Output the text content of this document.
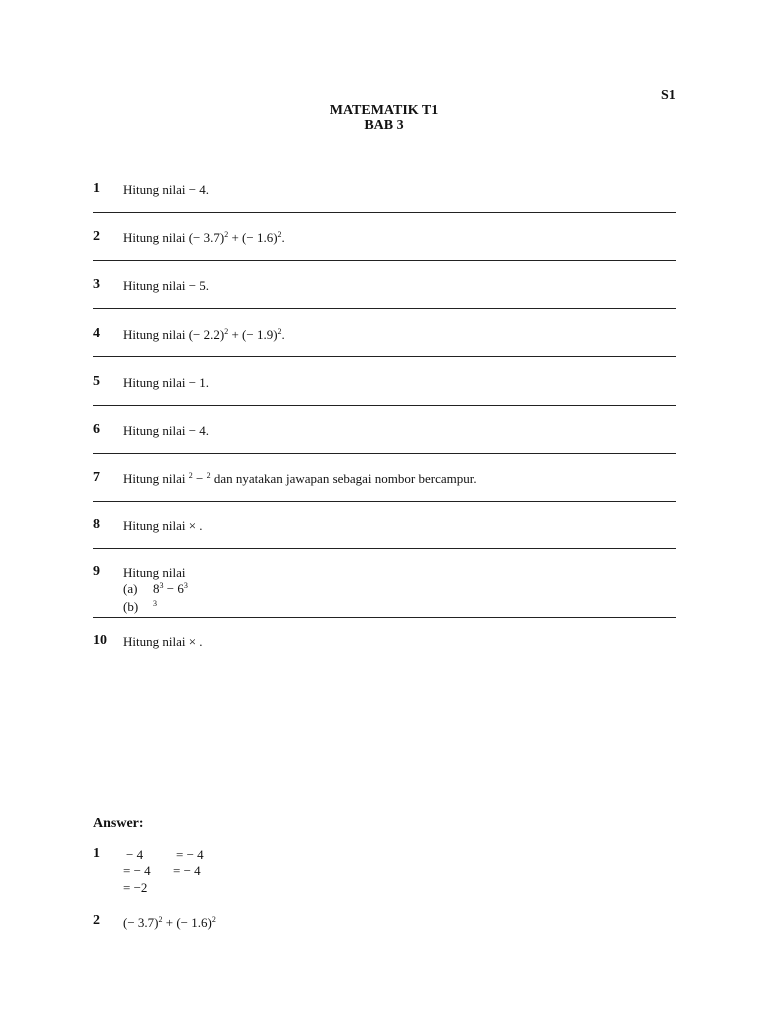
S1
MATEMATIK T1
BAB 3
1 Hitung nilai − 4.
2 Hitung nilai (− 3.7)$^2$ + (− 1.6)$^2$.
3 Hitung nilai − 5.
4 Hitung nilai (− 2.2)$^2$ + (− 1.9)$^2$.
5 Hitung nilai − 1.
6 Hitung nilai − 4.
7 Hitung nilai $^2$ − $^2$ dan nyatakan jawapan sebagai nombor bercampur.
8 Hitung nilai × .
9 Hitung nilai
(a) $8^3 - 6^3$
(b) $^3$
10 Hitung nilai × .
Answer:
1 − 4	= − 4
= − 4 = − 4
= −2
2 (− 3.7)$^2$ + (− 1.6)$^2$
